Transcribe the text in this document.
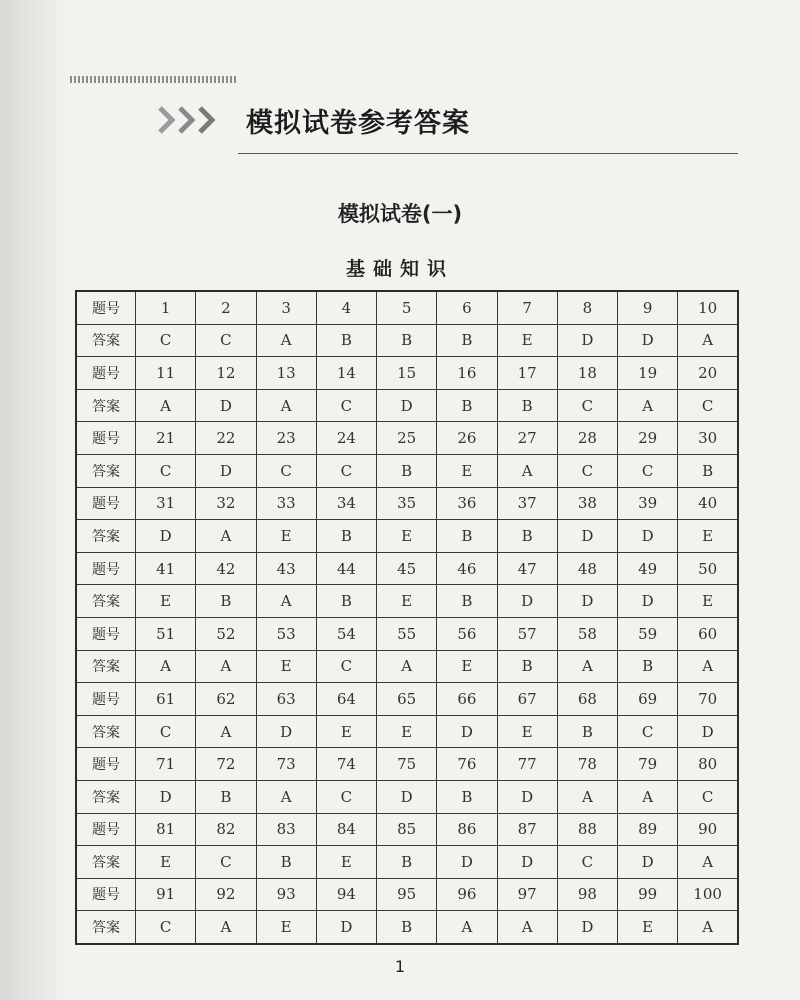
模拟试卷参考答案
模拟试卷(一)
基础知识
题号	1	2	3	4	5	6	7	8	9	10
答案	C	C	A	B	B	B	E	D	D	A
题号	11	12	13	14	15	16	17	18	19	20
答案	A	D	A	C	D	B	B	C	A	C
题号	21	22	23	24	25	26	27	28	29	30
答案	C	D	C	C	B	E	A	C	C	B
题号	31	32	33	34	35	36	37	38	39	40
答案	D	A	E	B	E	B	B	D	D	E
题号	41	42	43	44	45	46	47	48	49	50
答案	E	B	A	B	E	B	D	D	D	E
题号	51	52	53	54	55	56	57	58	59	60
答案	A	A	E	C	A	E	B	A	B	A
题号	61	62	63	64	65	66	67	68	69	70
答案	C	A	D	E	E	D	E	B	C	D
题号	71	72	73	74	75	76	77	78	79	80
答案	D	B	A	C	D	B	D	A	A	C
题号	81	82	83	84	85	86	87	88	89	90
答案	E	C	B	E	B	D	D	C	D	A
题号	91	92	93	94	95	96	97	98	99	100
答案	C	A	E	D	B	A	A	D	E	A

1
